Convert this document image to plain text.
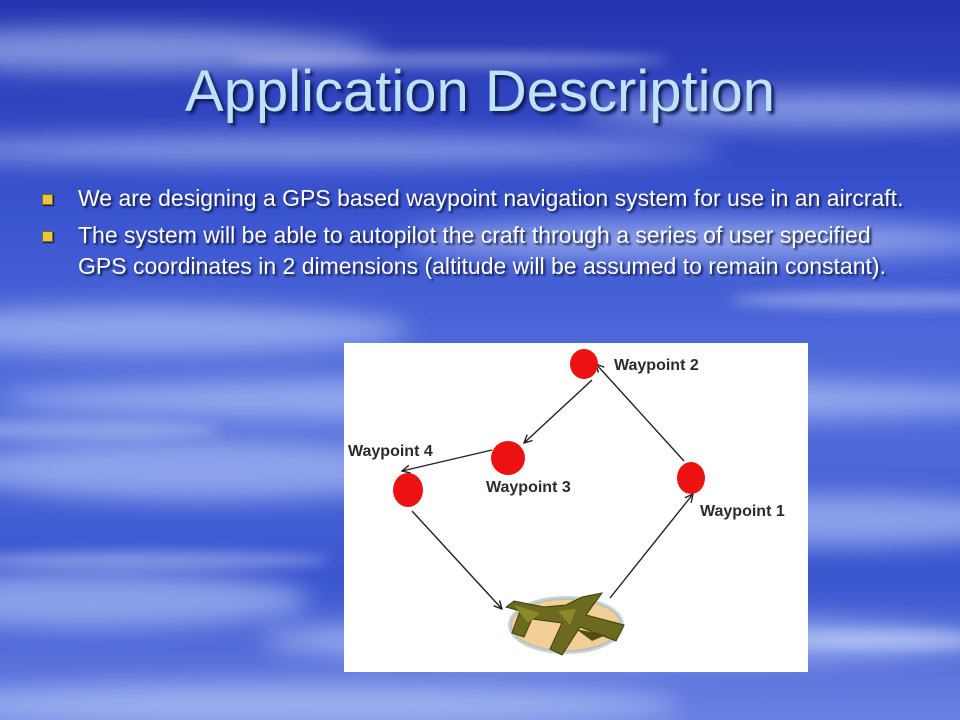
Application Description
We are designing a GPS based waypoint navigation system for use in an aircraft.
The system will be able to autopilot the craft through a series of user specified GPS coordinates in 2 dimensions (altitude will be assumed to remain constant).
Waypoint 1
Waypoint 2
Waypoint 3
Waypoint 4
